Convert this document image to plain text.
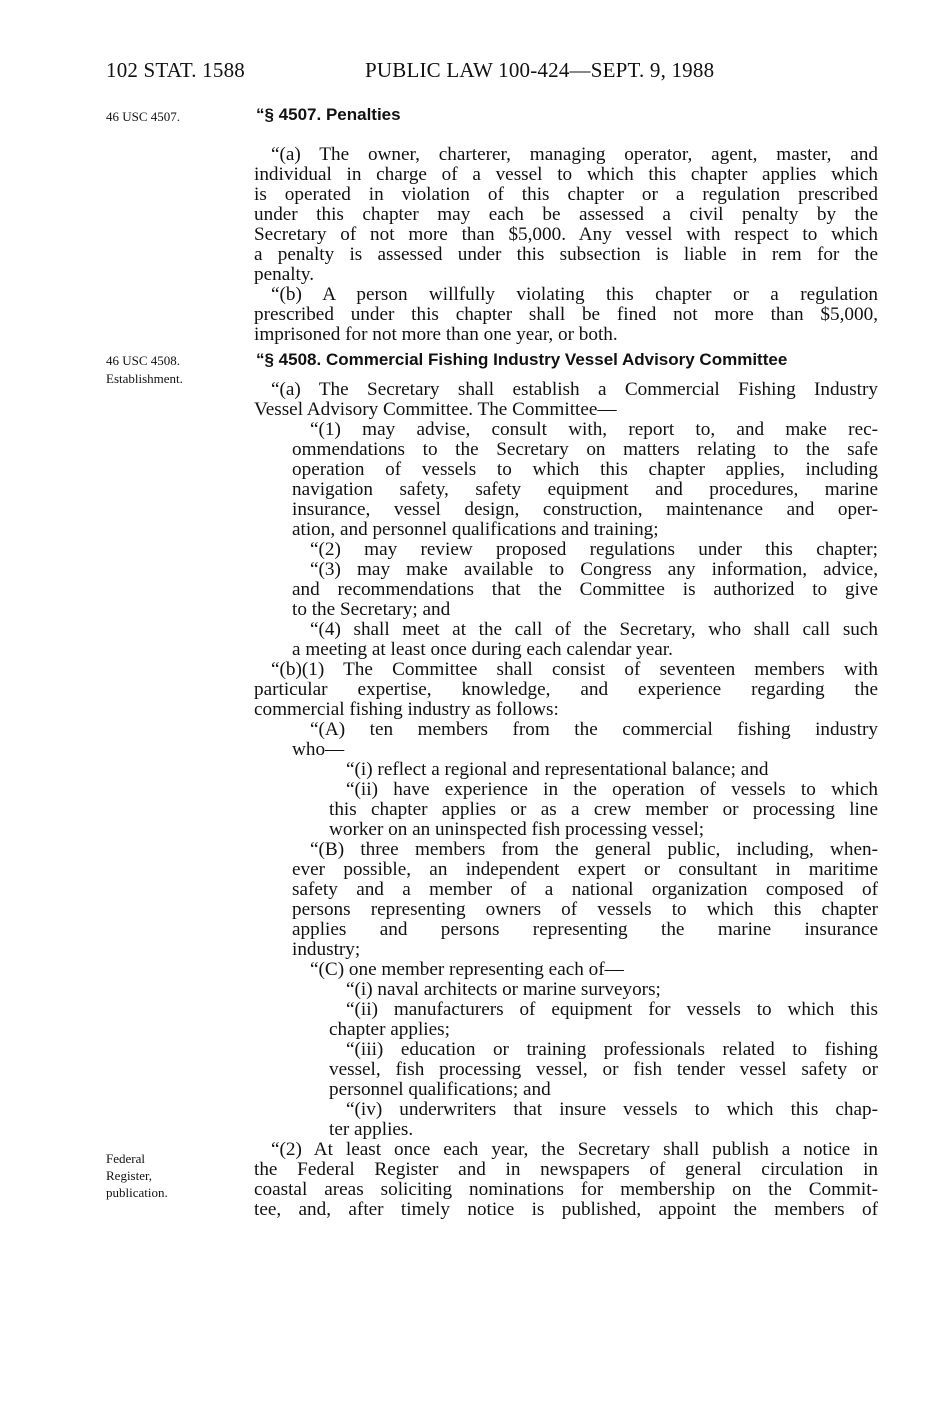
102 STAT. 1588	PUBLIC LAW 100-424—SEPT. 9, 1988
46 USC 4507.
46 USC 4508.
Establishment.
Federal
Register,
publication.
“§ 4507. Penalties
“(a) The owner, charterer, managing operator, agent, master, and
individual in charge of a vessel to which this chapter applies which
is operated in violation of this chapter or a regulation prescribed
under this chapter may each be assessed a civil penalty by the
Secretary of not more than $5,000. Any vessel with respect to which
a penalty is assessed under this subsection is liable in rem for the
penalty.
“(b) A person willfully violating this chapter or a regulation
prescribed under this chapter shall be fined not more than $5,000,
imprisoned for not more than one year, or both.
“§ 4508. Commercial Fishing Industry Vessel Advisory Committee
“(a) The Secretary shall establish a Commercial Fishing Industry
Vessel Advisory Committee. The Committee—
“(1) may advise, consult with, report to, and make rec-
ommendations to the Secretary on matters relating to the safe
operation of vessels to which this chapter applies, including
navigation safety, safety equipment and procedures, marine
insurance, vessel design, construction, maintenance and oper-
ation, and personnel qualifications and training;
“(2) may review proposed regulations under this chapter;
“(3) may make available to Congress any information, advice,
and recommendations that the Committee is authorized to give
to the Secretary; and
“(4) shall meet at the call of the Secretary, who shall call such
a meeting at least once during each calendar year.
“(b)(1) The Committee shall consist of seventeen members with
particular expertise, knowledge, and experience regarding the
commercial fishing industry as follows:
“(A) ten members from the commercial fishing industry
who—
“(i) reflect a regional and representational balance; and
“(ii) have experience in the operation of vessels to which
this chapter applies or as a crew member or processing line
worker on an uninspected fish processing vessel;
“(B) three members from the general public, including, when-
ever possible, an independent expert or consultant in maritime
safety and a member of a national organization composed of
persons representing owners of vessels to which this chapter
applies and persons representing the marine insurance
industry;
“(C) one member representing each of—
“(i) naval architects or marine surveyors;
“(ii) manufacturers of equipment for vessels to which this
chapter applies;
“(iii) education or training professionals related to fishing
vessel, fish processing vessel, or fish tender vessel safety or
personnel qualifications; and
“(iv) underwriters that insure vessels to which this chap-
ter applies.
“(2) At least once each year, the Secretary shall publish a notice in
the Federal Register and in newspapers of general circulation in
coastal areas soliciting nominations for membership on the Commit-
tee, and, after timely notice is published, appoint the members of
